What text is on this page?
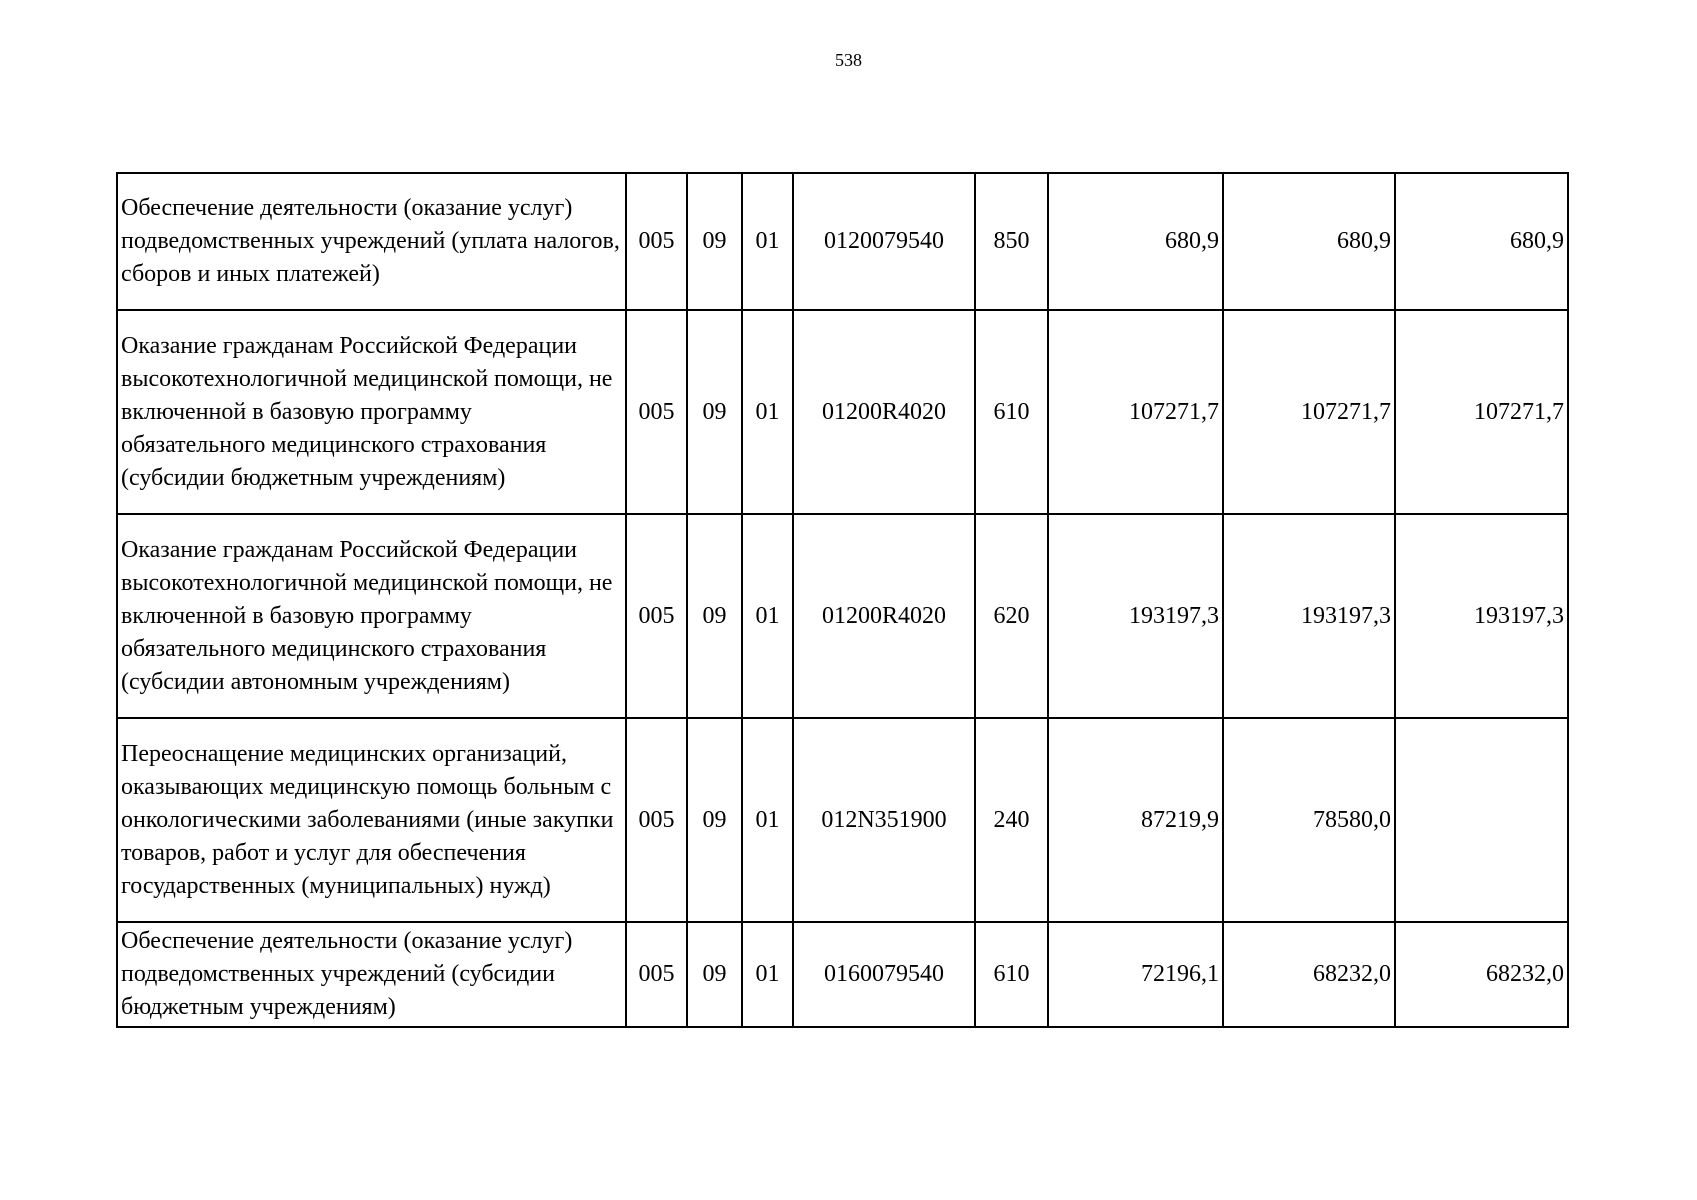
538
Обеспечение деятельности (оказание услуг) подведомственных учреждений (уплата налогов, сборов и иных платежей)	005	09	01	0120079540	850	680,9	680,9	680,9
Оказание гражданам Российской Федерации высокотехнологичной медицинской помощи, не включенной в базовую программу обязательного медицинского страхования (субсидии бюджетным учреждениям)	005	09	01	01200R4020	610	107271,7	107271,7	107271,7
Оказание гражданам Российской Федерации высокотехнологичной медицинской помощи, не включенной в базовую программу обязательного медицинского страхования (субсидии автономным учреждениям)	005	09	01	01200R4020	620	193197,3	193197,3	193197,3
Переоснащение медицинских организаций, оказывающих медицинскую помощь больным с онкологическими заболеваниями (иные закупки товаров, работ и услуг для обеспечения государственных (муниципальных) нужд)	005	09	01	012N351900	240	87219,9	78580,0	
Обеспечение деятельности (оказание услуг) подведомственных учреждений (субсидии бюджетным учреждениям)	005	09	01	0160079540	610	72196,1	68232,0	68232,0
